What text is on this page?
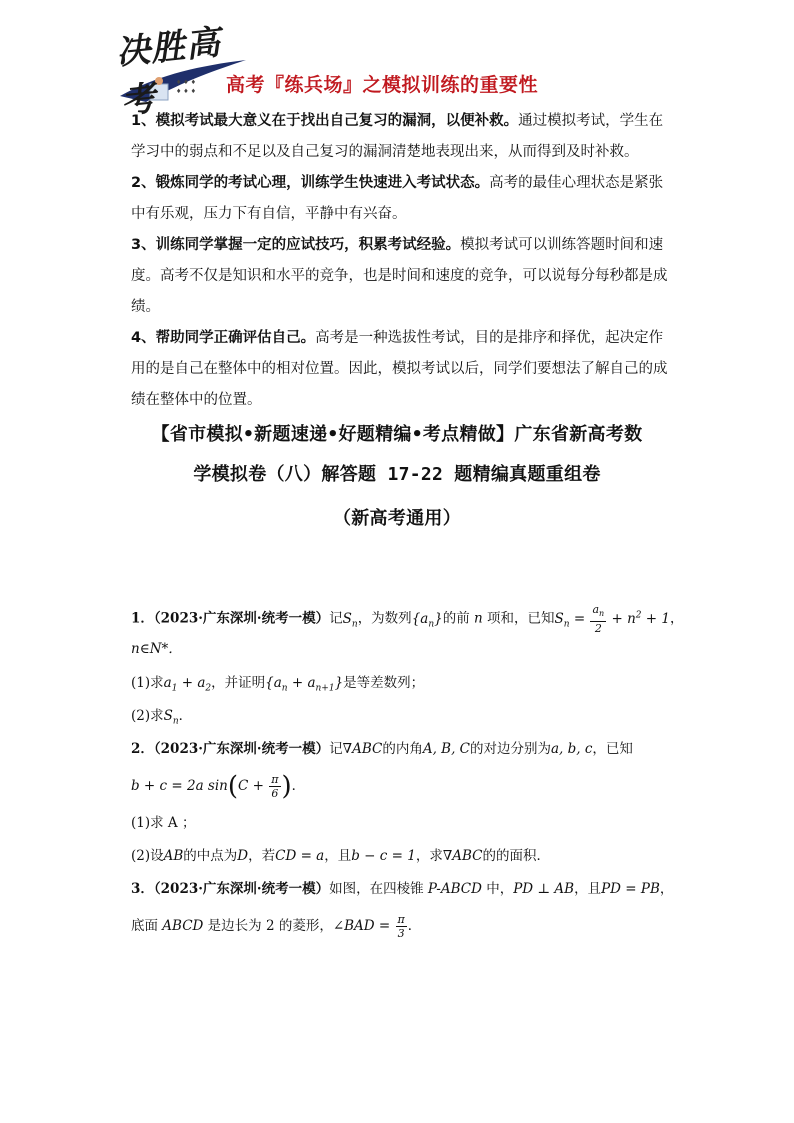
♦ ♦ ♦
♦ ♦ ♦
决胜高考	高考『练兵场』之模拟训练的重要性

1、模拟考试最大意义在于找出自己复习的漏洞，以便补救。通过模拟考试，学生在学习中的弱点和不足以及自己复习的漏洞清楚地表现出来，从而得到及时补救。

2、锻炼同学的考试心理，训练学生快速进入考试状态。高考的最佳心理状态是紧张中有乐观，压力下有自信，平静中有兴奋。

3、训练同学掌握一定的应试技巧，积累考试经验。模拟考试可以训练答题时间和速度。高考不仅是知识和水平的竞争，也是时间和速度的竞争，可以说每分每秒都是成绩。

4、帮助同学正确评估自己。高考是一种选拔性考试，目的是排序和择优，起决定作用的是自己在整体中的相对位置。因此，模拟考试以后，同学们要想法了解自己的成绩在整体中的位置。

【省市模拟•新题速递•好题精编•考点精做】广东省新高考数
学模拟卷（八）解答题 17-22 题精编真题重组卷
（新高考通用）
1．（2023·广东深圳·统考一模）记$S_n$，为数列$\{a_n\}$的前 n 项和，已知$S_n = \frac{a_n}{2} + n^2 + 1$，
n∈N*．
(1)求$a_1 + a_2$，并证明$\{a_n + a_{n+1}\}$是等差数列；
(2)求$S_n$．
2．（2023·广东深圳·统考一模）记∇ABC的内角A, B, C的对边分别为a, b, c，已知
b + c = 2a $\sin(C + \frac{\pi}{6}$ )．
(1)求 A ；
(2)设AB的中点为D，若CD = a，且b − c = 1，求∇ABC的的面积．
3．（2023·广东深圳·统考一模）如图，在四棱锥 P-ABCD 中，PD ⊥ AB，且PD = PB，
底面 ABCD 是边长为 2 的菱形，∠BAD = $\frac{\pi}{3}$ ．
